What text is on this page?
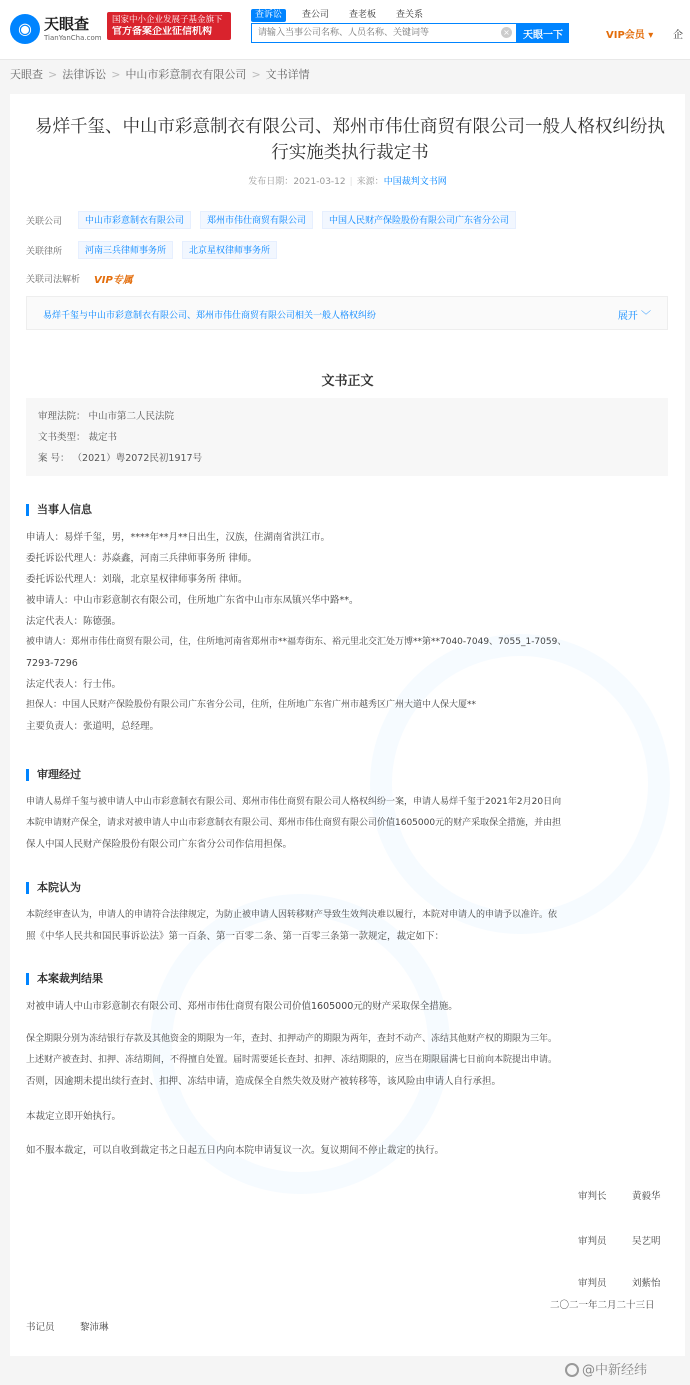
◉ 天眼查
TianYanCha.com
国家中小企业发展子基金旗下
官方备案企业征信机构
查诉讼	查公司	查老板	查关系
请输入当事公司名称、人员名称、关键词等
×	天眼一下	VIP会员 ▾ 企
天眼查 > 法律诉讼 > 中山市彩意制衣有限公司 > 文书详情
易烊千玺、中山市彩意制衣有限公司、郑州市伟仕商贸有限公司一般人格权纠纷执行实施类执行裁定书
发布日期：2021-03-12 | 来源：中国裁判文书网
关联公司	中山市彩意制衣有限公司	郑州市伟仕商贸有限公司	中国人民财产保险股份有限公司广东省分公司
关联律所	河南三兵律师事务所	北京星权律师事务所
关联司法解析	VIP专属
易烊千玺与中山市彩意制衣有限公司、郑州市伟仕商贸有限公司相关一般人格权纠纷	展开 ﹀
文书正文
审理法院： 中山市第二人民法院
文书类型： 裁定书
案 号： （2021）粤2072民初1917号
当事人信息
申请人：易烊千玺，男，****年**月**日出生，汉族，住湖南省洪江市。
委托诉讼代理人：苏焱鑫，河南三兵律师事务所 律师。
委托诉讼代理人：刘瑞，北京星权律师事务所 律师。
被申请人：中山市彩意制衣有限公司，住所地广东省中山市东凤镇兴华中路**。
法定代表人：陈德强。
被申请人：郑州市伟仕商贸有限公司，住，住所地河南省郑州市**福寿街东、裕元里北交汇处万博**第**7040-7049、7055_1-7059、
7293-7296
法定代表人：行士伟。
担保人：中国人民财产保险股份有限公司广东省分公司，住所，住所地广东省广州市越秀区广州大道中人保大厦**
主要负责人：张道明，总经理。
审理经过
申请人易烊千玺与被申请人中山市彩意制衣有限公司、郑州市伟仕商贸有限公司人格权纠纷一案，申请人易烊千玺于2021年2月20日向
本院申请财产保全，请求对被申请人中山市彩意制衣有限公司、郑州市伟仕商贸有限公司价值1605000元的财产采取保全措施，并由担
保人中国人民财产保险股份有限公司广东省分公司作信用担保。
本院认为
本院经审查认为，申请人的申请符合法律规定，为防止被申请人因转移财产导致生效判决难以履行，本院对申请人的申请予以准许。依
照《中华人民共和国民事诉讼法》第一百条、第一百零二条、第一百零三条第一款规定，裁定如下：
本案裁判结果
对被申请人中山市彩意制衣有限公司、郑州市伟仕商贸有限公司价值1605000元的财产采取保全措施。
保全期限分别为冻结银行存款及其他资金的期限为一年，查封、扣押动产的期限为两年，查封不动产、冻结其他财产权的期限为三年。
上述财产被查封、扣押、冻结期间，不得擅自处置。届时需要延长查封、扣押、冻结期限的，应当在期限届满七日前向本院提出申请。
否则，因逾期未提出续行查封、扣押、冻结申请，造成保全自然失效及财产被转移等，该风险由申请人自行承担。
本裁定立即开始执行。
如不服本裁定，可以自收到裁定书之日起五日内向本院申请复议一次。复议期间不停止裁定的执行。
审判长	黄毅华
审判员	吴艺明
审判员	刘紫怡
二〇二一年二月二十三日
书记员	黎沛琳
@中新经纬
